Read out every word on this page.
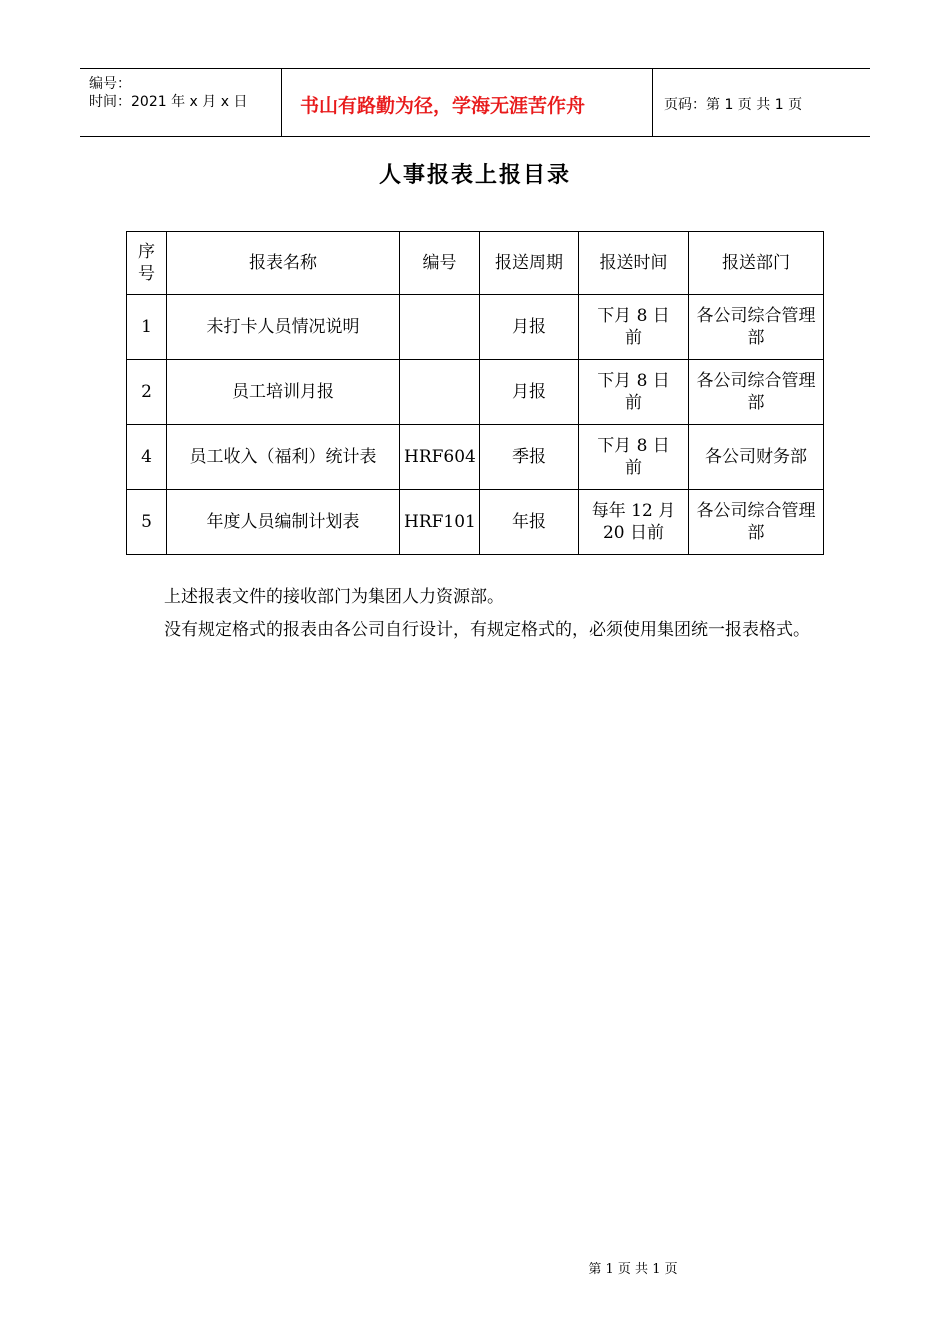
编号：
时间：2021 年 x 月 x 日	书山有路勤为径，学海无涯苦作舟	页码：第 1 页 共 1 页
人事报表上报目录
序号	报表名称	编号	报送周期	报送时间	报送部门
1	未打卡人员情况说明		月报	下月 8 日前	各公司综合管理部
2	员工培训月报		月报	下月 8 日前	各公司综合管理部
4	员工收入（福利）统计表	HRF604	季报	下月 8 日前	各公司财务部
5	年度人员编制计划表	HRF101	年报	每年 12 月 20 日前	各公司综合管理部
上述报表文件的接收部门为集团人力资源部。
没有规定格式的报表由各公司自行设计，有规定格式的，必须使用集团统一报表格式。
第 1 页 共 1 页
